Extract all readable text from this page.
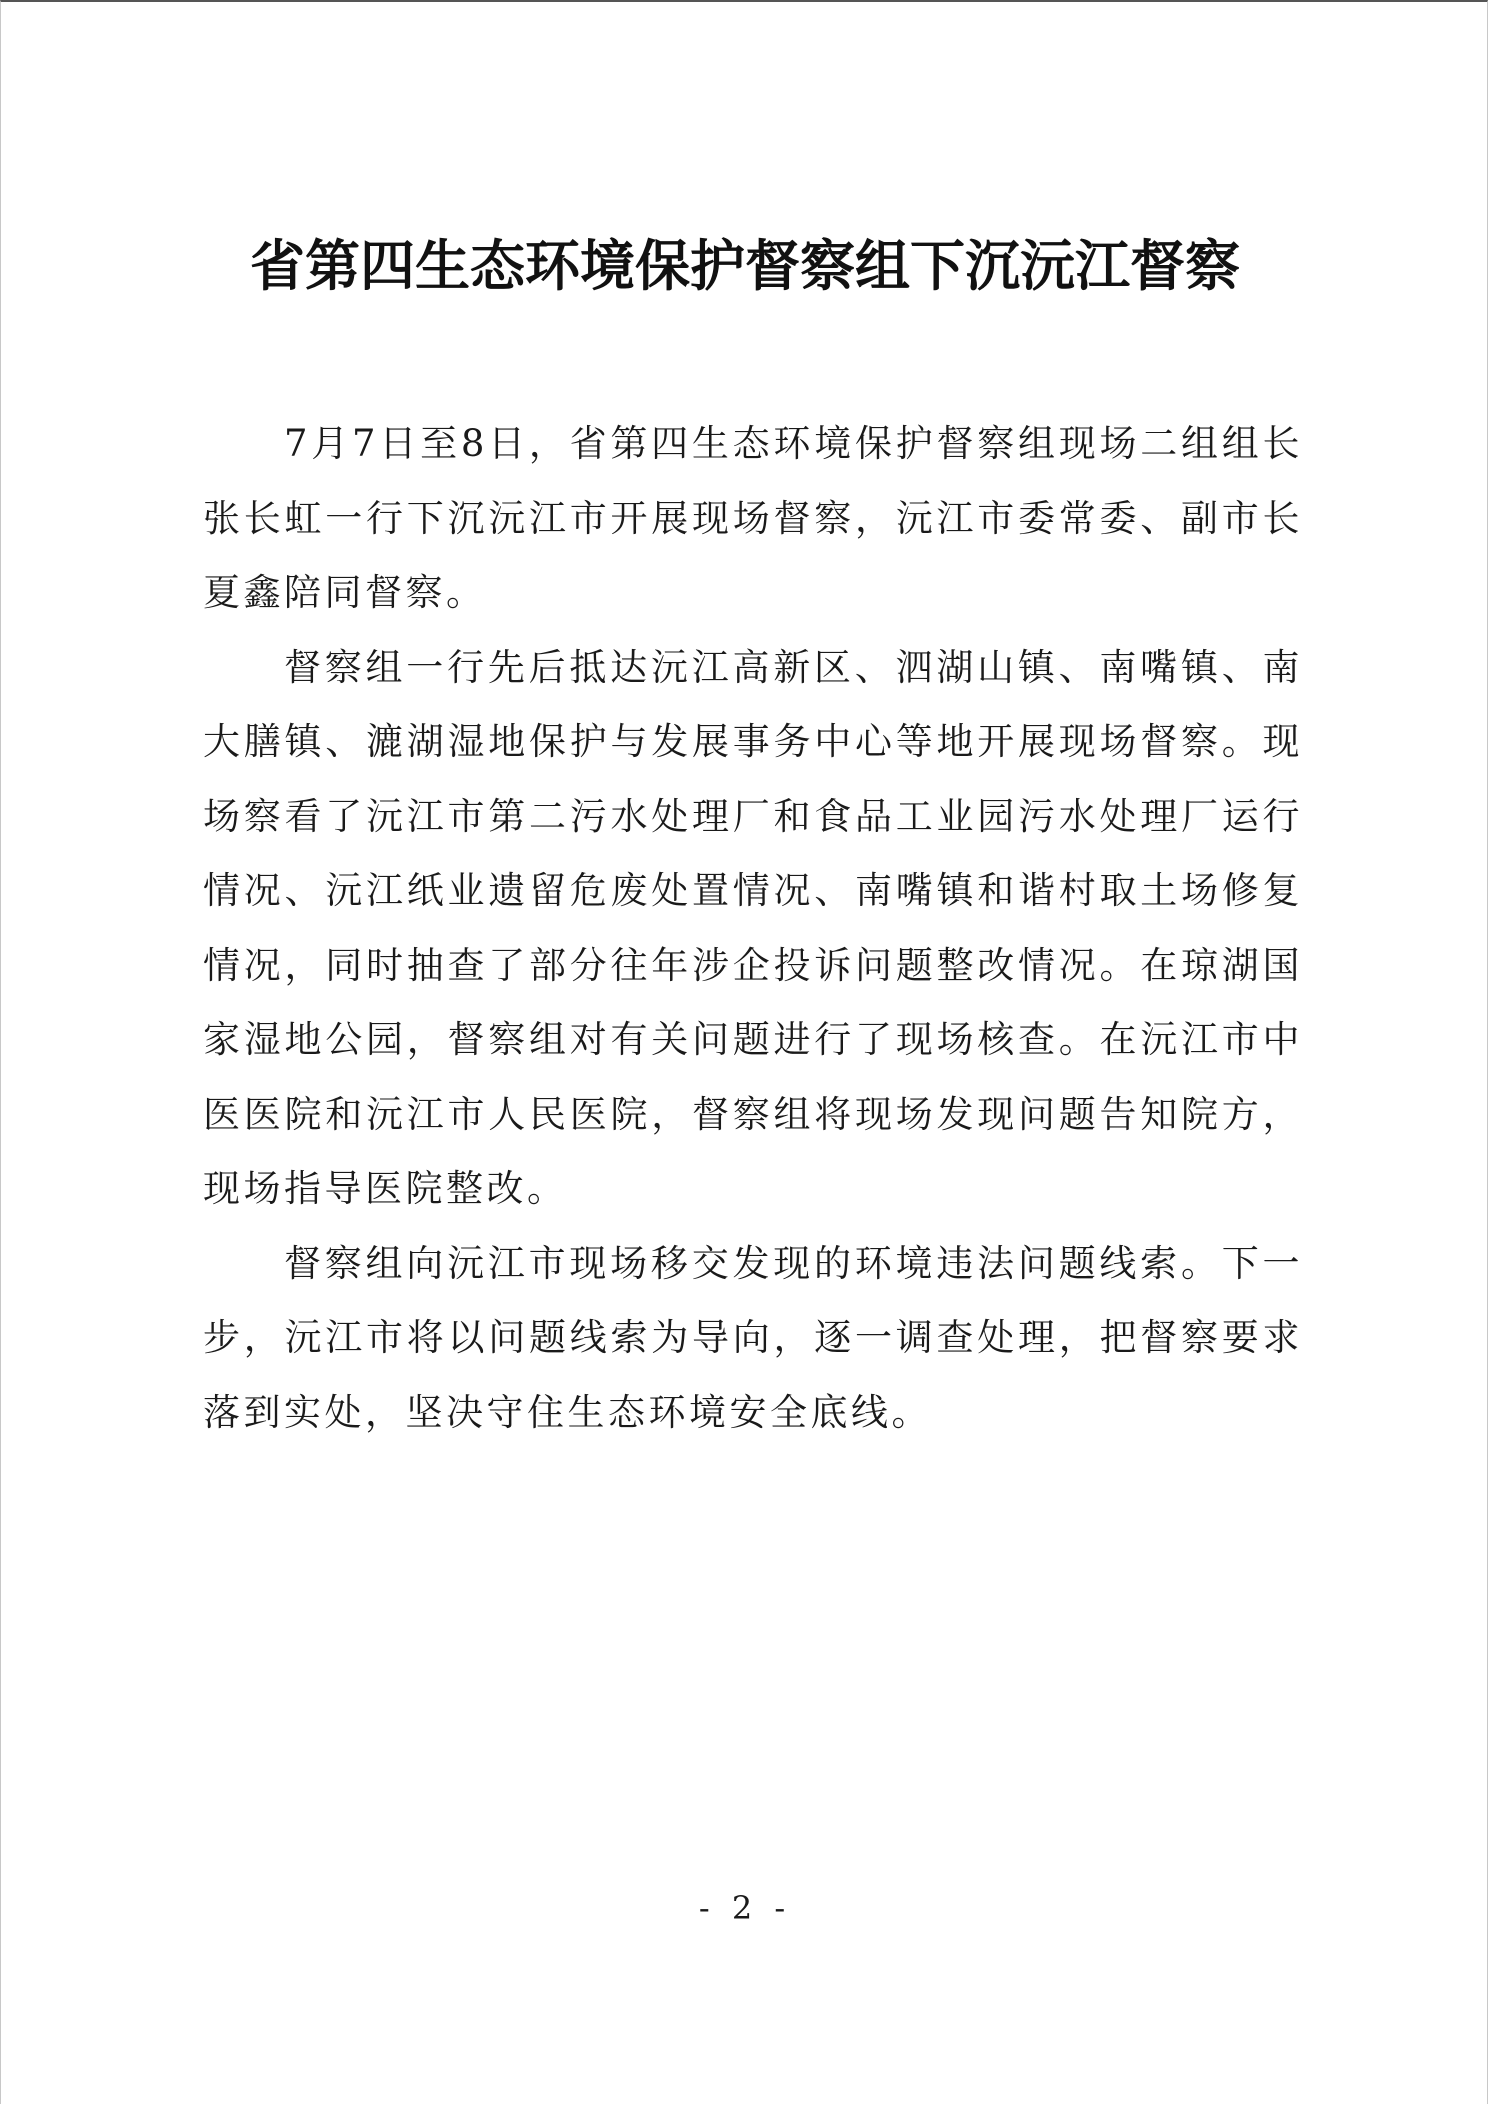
省第四生态环境保护督察组下沉沅江督察

7月7日至8日，省第四生态环境保护督察组现场二组组长张长虹一行下沉沅江市开展现场督察，沅江市委常委、副市长夏鑫陪同督察。

督察组一行先后抵达沅江高新区、泗湖山镇、南嘴镇、南大膳镇、漉湖湿地保护与发展事务中心等地开展现场督察。现场察看了沅江市第二污水处理厂和食品工业园污水处理厂运行情况、沅江纸业遗留危废处置情况、南嘴镇和谐村取土场修复情况，同时抽查了部分往年涉企投诉问题整改情况。在琼湖国家湿地公园，督察组对有关问题进行了现场核查。在沅江市中医医院和沅江市人民医院，督察组将现场发现问题告知院方，现场指导医院整改。

督察组向沅江市现场移交发现的环境违法问题线索。下一步，沅江市将以问题线索为导向，逐一调查处理，把督察要求落到实处，坚决守住生态环境安全底线。

- 2 -
